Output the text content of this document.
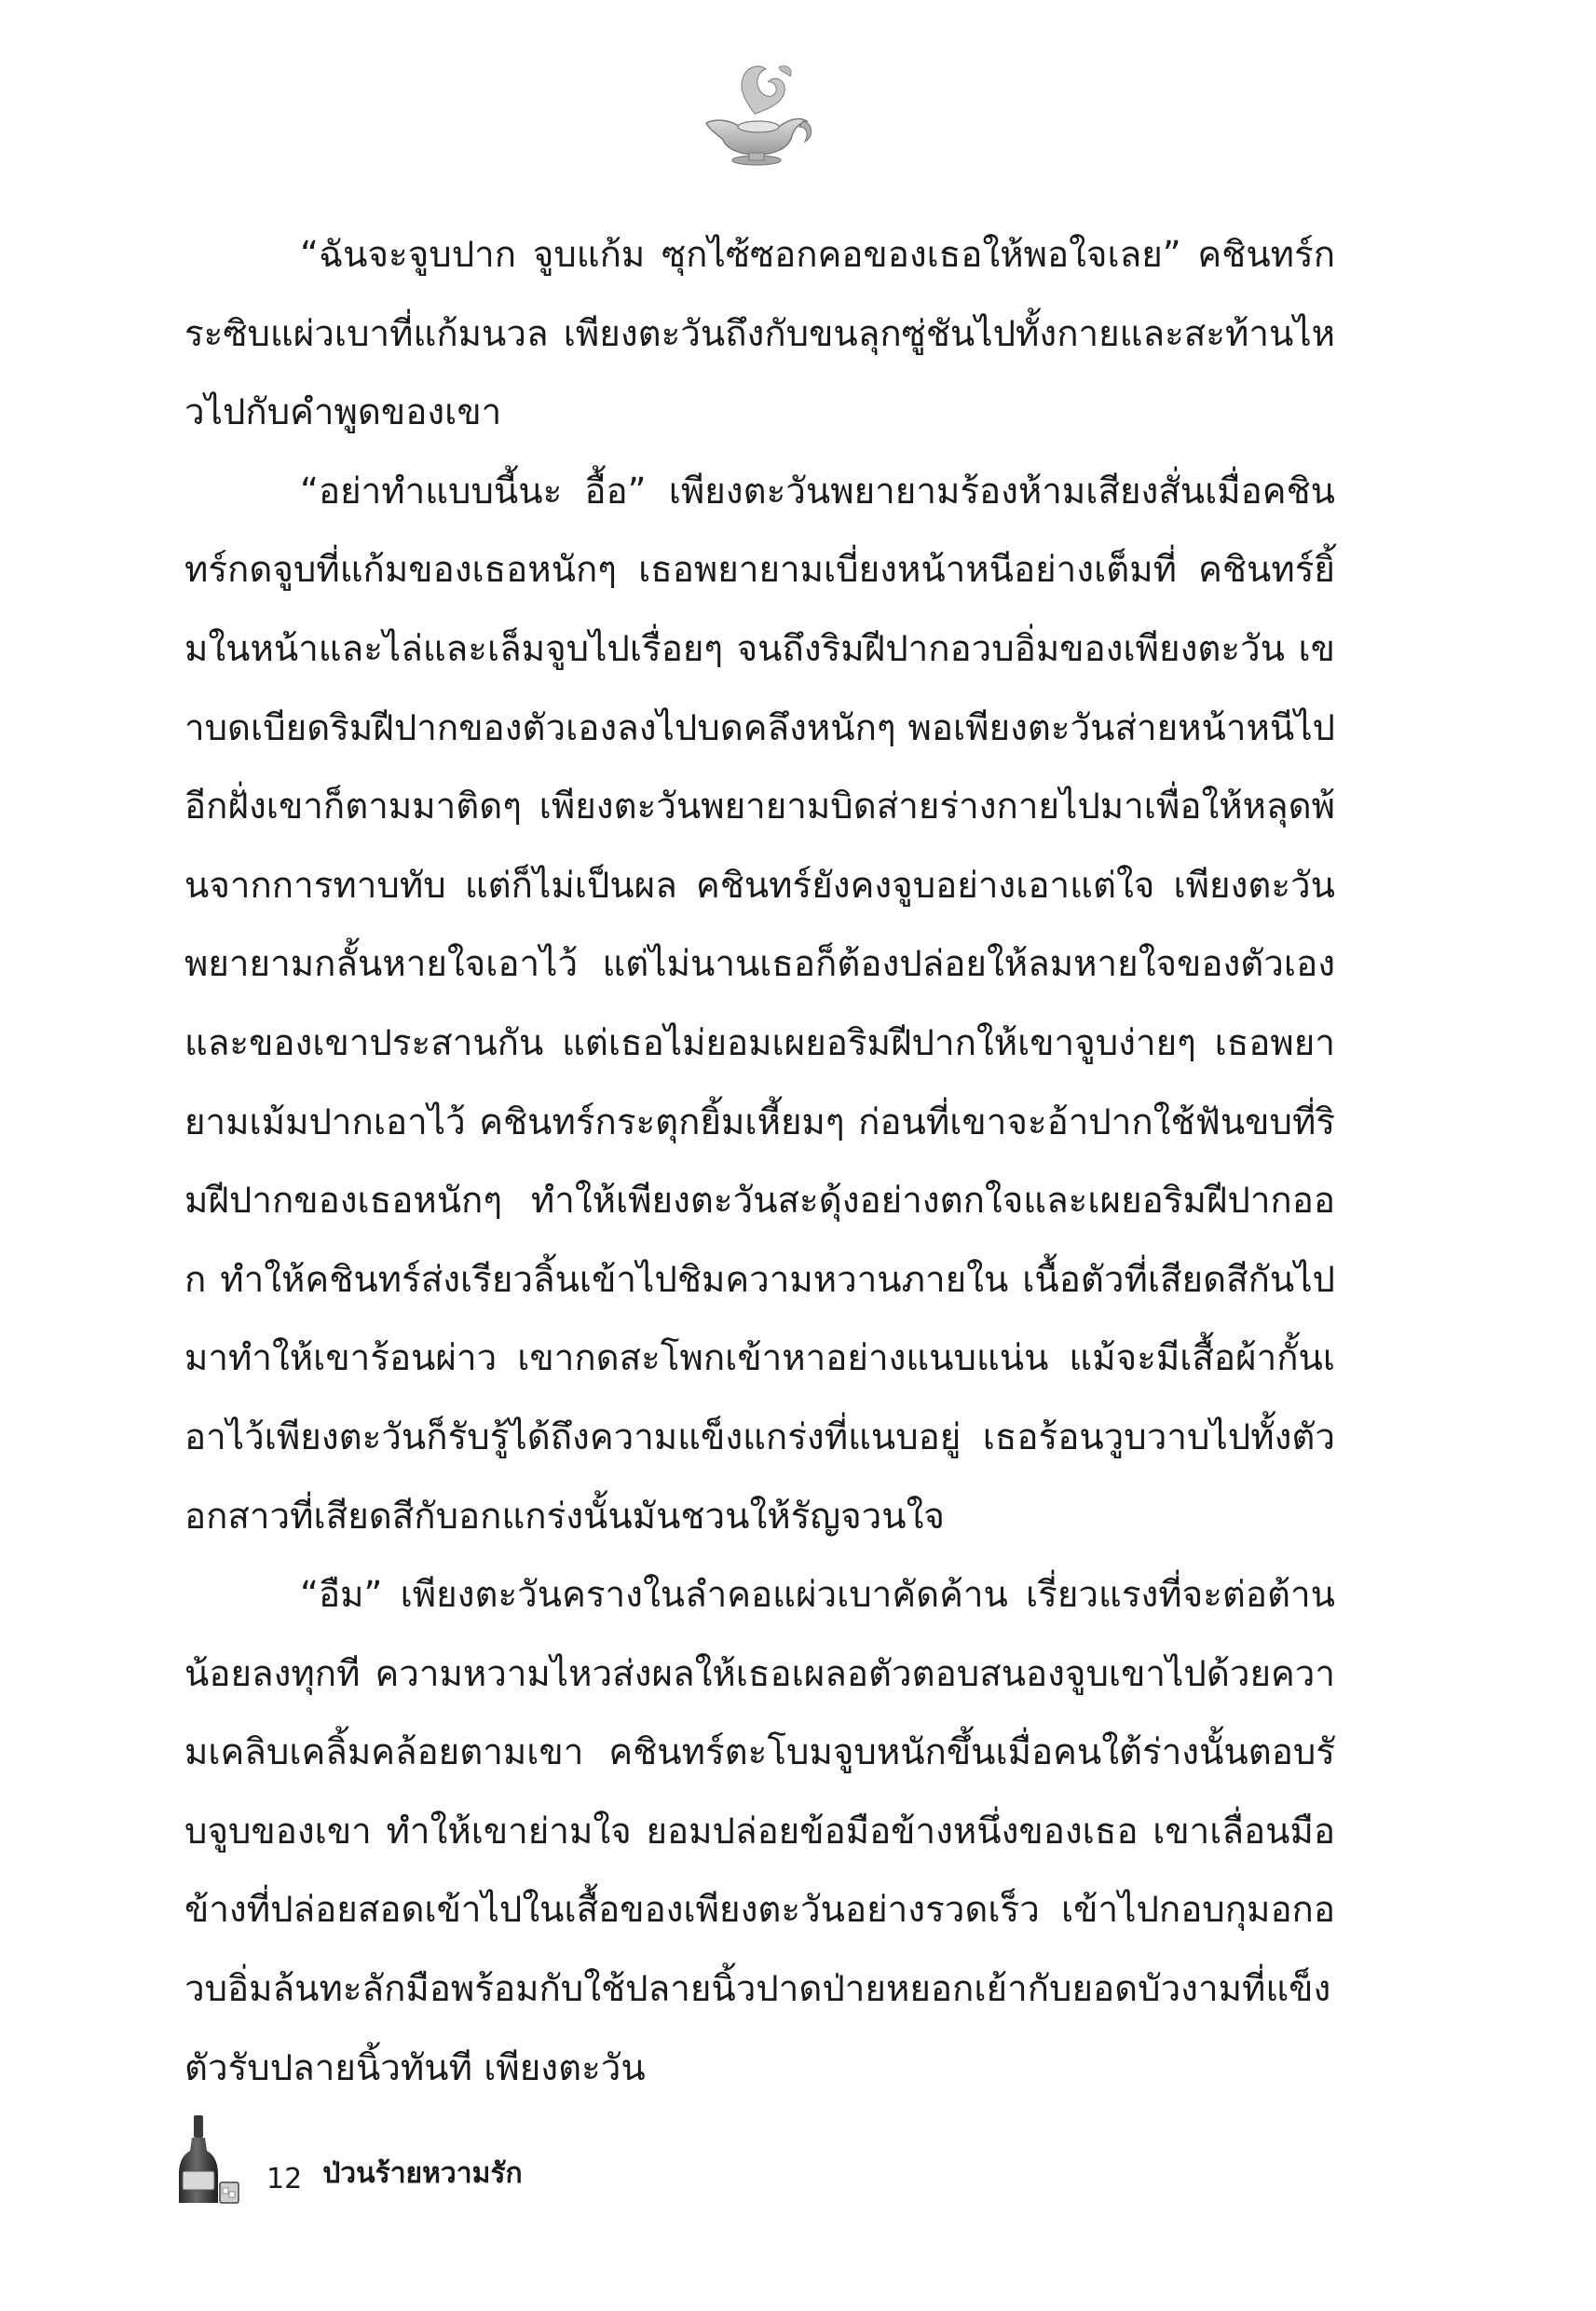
“ฉันจะจูบปาก จูบแก้ม ซุกไซ้ซอกคอของเธอให้พอใจเลย” คชินทร์กระซิบแผ่วเบาที่แก้มนวล เพียงตะวันถึงกับขนลุกซู่ชันไปทั้งกายและสะท้านไหวไปกับคำพูดของเขา

“อย่าทำแบบนี้นะ อื้อ” เพียงตะวันพยายามร้องห้ามเสียงสั่นเมื่อคชินทร์กดจูบที่แก้มของเธอหนักๆ เธอพยายามเบี่ยงหน้าหนีอย่างเต็มที่ คชินทร์ยิ้มในหน้าและไล่และเล็มจูบไปเรื่อยๆ จนถึงริมฝีปากอวบอิ่มของเพียงตะวัน เขาบดเบียดริมฝีปากของตัวเองลงไปบดคลึงหนักๆ พอเพียงตะวันส่ายหน้าหนีไปอีกฝั่งเขาก็ตามมาติดๆ เพียงตะวันพยายามบิดส่ายร่างกายไปมาเพื่อให้หลุดพ้นจากการทาบทับ แต่ก็ไม่เป็นผล คชินทร์ยังคงจูบอย่างเอาแต่ใจ เพียงตะวันพยายามกลั้นหายใจเอาไว้ แต่ไม่นานเธอก็ต้องปล่อยให้ลมหายใจของตัวเองและของเขาประสานกัน แต่เธอไม่ยอมเผยอริมฝีปากให้เขาจูบง่ายๆ เธอพยายามเม้มปากเอาไว้ คชินทร์กระตุกยิ้มเหี้ยมๆ ก่อนที่เขาจะอ้าปากใช้ฟันขบที่ริมฝีปากของเธอหนักๆ ทำให้เพียงตะวันสะดุ้งอย่างตกใจและเผยอริมฝีปากออก ทำให้คชินทร์ส่งเรียวลิ้นเข้าไปชิมความหวานภายใน เนื้อตัวที่เสียดสีกันไปมาทำให้เขาร้อนผ่าว เขากดสะโพกเข้าหาอย่างแนบแน่น แม้จะมีเสื้อผ้ากั้นเอาไว้เพียงตะวันก็รับรู้ได้ถึงความแข็งแกร่งที่แนบอยู่ เธอร้อนวูบวาบไปทั้งตัว อกสาวที่เสียดสีกับอกแกร่งนั้นมันชวนให้รัญจวนใจ

“อืม” เพียงตะวันครางในลำคอแผ่วเบาคัดค้าน เรี่ยวแรงที่จะต่อต้านน้อยลงทุกที ความหวามไหวส่งผลให้เธอเผลอตัวตอบสนองจูบเขาไปด้วยความเคลิบเคลิ้มคล้อยตามเขา คชินทร์ตะโบมจูบหนักขึ้นเมื่อคนใต้ร่างนั้นตอบรับจูบของเขา ทำให้เขาย่ามใจ ยอมปล่อยข้อมือข้างหนึ่งของเธอ เขาเลื่อนมือข้างที่ปล่อยสอดเข้าไปในเสื้อของเพียงตะวันอย่างรวดเร็ว เข้าไปกอบกุมอกอวบอิ่มล้นทะลักมือพร้อมกับใช้ปลายนิ้วปาดป่ายหยอกเย้ากับยอดบัวงามที่แข็งตัวรับปลายนิ้วทันที เพียงตะวัน

12 ป่วนร้ายหวามรัก
